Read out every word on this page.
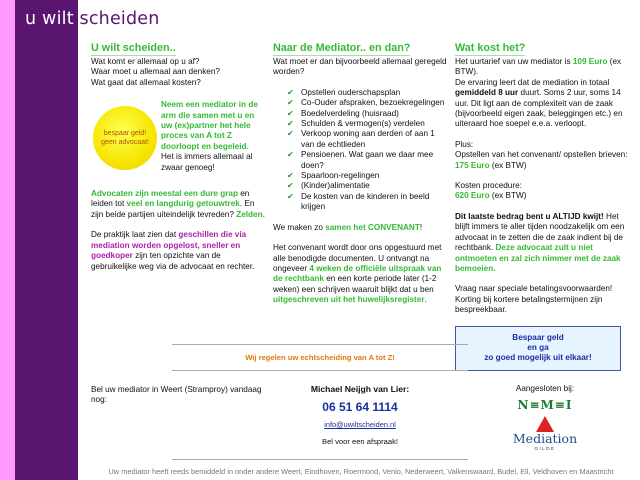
u wilt scheiden
U wilt scheiden..
Wat komt er allemaal op u af?
Waar moet u allemaal aan denken?
Wat gaat dat allemaal kosten?
bespaar geld!
geen advocaat!
Neem een mediator in de arm die samen met u en uw (ex)partner het hele proces van A tot Z doorloopt en begeleid. Het is immers allemaal al zwaar genoeg!

Advocaten zijn meestal een dure grap en leiden tot veel en langdurig getouwtrek. En zijn beide partijen uiteindelijk tevreden? Zelden.

De praktijk laat zien dat geschillen die via mediation worden opgelost, sneller en goedkoper zijn ten opzichte van de gebruikelijke weg via de advocaat en rechter.

Naar de Mediator.. en dan?
Wat moet er dan bijvoorbeeld allemaal geregeld worden?
✔ Opstellen ouderschapsplan
✔ Co-Ouder afspraken, bezoekregelingen
✔ Boedelverdeling (huisraad)
✔ Schulden & vermogen(s) verdelen
✔ Verkoop woning aan derden of aan 1 van de echtlieden
✔ Pensioenen. Wat gaan we daar mee doen?
✔ Spaarloon-regelingen
✔ (Kinder)alimentatie
✔ De kosten van de kinderen in beeld krijgen

We maken zo samen het CONVENANT!

Het convenant wordt door ons opgestuurd met alle benodigde documenten. U ontvangt na ongeveer 4 weken de officiële uitspraak van de rechtbank en een korte periode later (1-2 weken) een schrijven waaruit blijkt dat u ben uitgeschreven uit het huwelijksregister.

Wat kost het?
Het uurtarief van uw mediator is 109 Euro (ex BTW).

De ervaring leert dat de mediation in totaal gemiddeld 8 uur duurt. Soms 2 uur, soms 14 uur. Dit ligt aan de complexiteit van de zaak (bijvoorbeeld eigen zaak, beleggingen etc.) en uiteraard hoe soepel e.e.a. verloopt.

Plus:
Opstellen van het convenant/ opstellen brieven:
175 Euro (ex BTW)

Kosten procedure:
620 Euro (ex BTW)

Dit laatste bedrag bent u ALTIJD kwijt! Het blijft immers te aller tijden noodzakelijk om een advocaat in te zetten die de zaak indient bij de rechtbank. Deze advocaat zult u niet ontmoeten en zal zich nimmer met de zaak bemoeien.

Vraag naar speciale betalingsvoorwaarden! Korting bij kortere betalingstermijnen zijn bespreekbaar.

Bespaar geld
en ga
zo goed mogelijk uit elkaar!
Wij regelen uw echtscheiding van A tot Z!
Bel uw mediator in Weert (Stramproy) vandaag nog:
Michael Neijgh van Lier:
06 51 64 1114
info@uwiltscheiden.nl
Bel voor een afspraak!
Aangesloten bij:
N≡M≡I
Mediation
GILDE
Uw mediator heeft reeds bemiddeld in onder andere Weert, Eindhoven, Roermond, Venlo, Nederweert, Valkenswaard, Budel, Ell, Veldhoven en Maastricht
